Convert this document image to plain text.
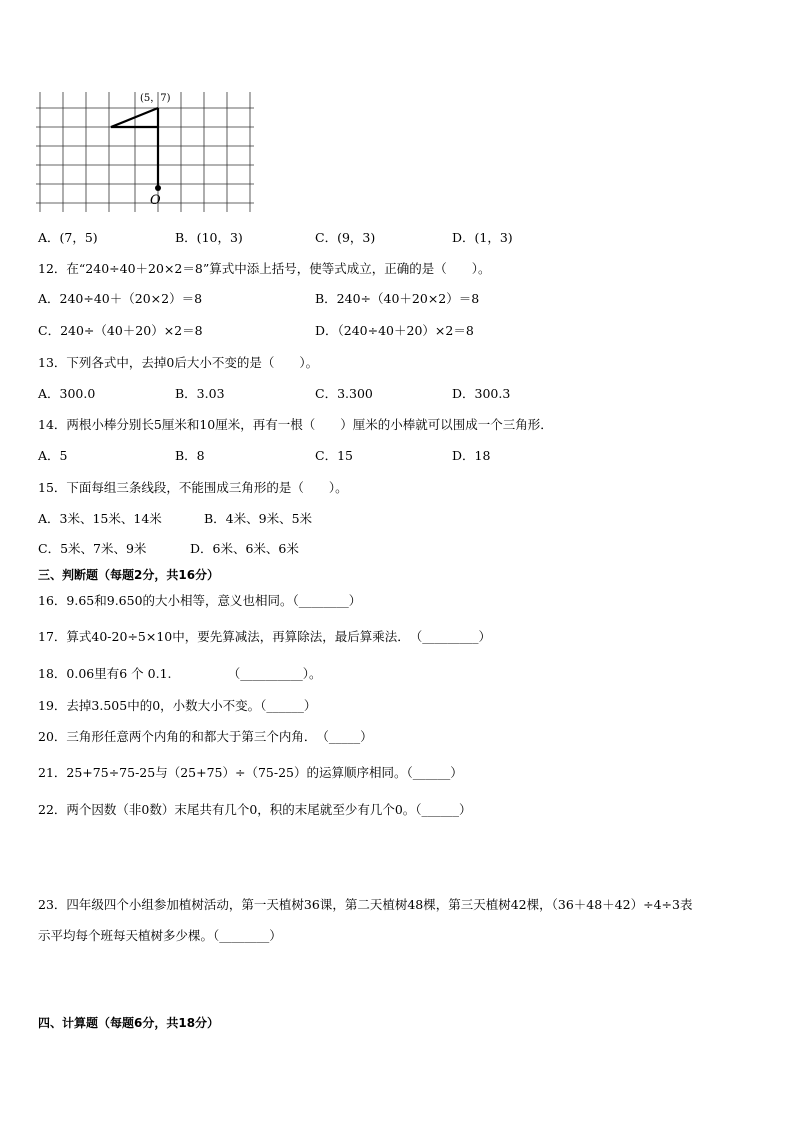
(5，7)
O
A．(7，5)	B．(10，3)	C．(9，3)	D．(1，3)
12．在“240÷40＋20×2＝8”算式中添上括号，使等式成立，正确的是（　　）。
A．240÷40＋（20×2）＝8	B．240÷（40＋20×2）＝8
C．240÷（40＋20）×2＝8	D．（240÷40＋20）×2＝8
13．下列各式中，去掉0后大小不变的是（　　）。
A．300.0	B．3.03	C．3.300	D．300.3
14．两根小棒分别长5厘米和10厘米，再有一根（　　）厘米的小棒就可以围成一个三角形．
A．5	B．8	C．15	D．18
15．下面每组三条线段，不能围成三角形的是（　　）。
A．3米、15米、14米	B．4米、9米、5米
C．5米、7米、9米	D．6米、6米、6米
三、判断题（每题2分，共16分）
16．9.65和9.650的大小相等，意义也相同。（________）
17．算式40-20÷5×10中，要先算减法，再算除法，最后算乘法．　（_________）
18．0.06里有6 个 0.1.　　　　　（__________）。
19．去掉3.505中的0，小数大小不变。（______）
20．三角形任意两个内角的和都大于第三个内角．　（_____）
21．25+75÷75-25与（25+75）÷（75-25）的运算顺序相同。（______）
22．两个因数（非0数）末尾共有几个0，积的末尾就至少有几个0。（______）
23．四年级四个小组参加植树活动，第一天植树36课，第二天植树48棵，第三天植树42棵，（36＋48＋42）÷4÷3表
示平均每个班每天植树多少棵。（________）
四、计算题（每题6分，共18分）
